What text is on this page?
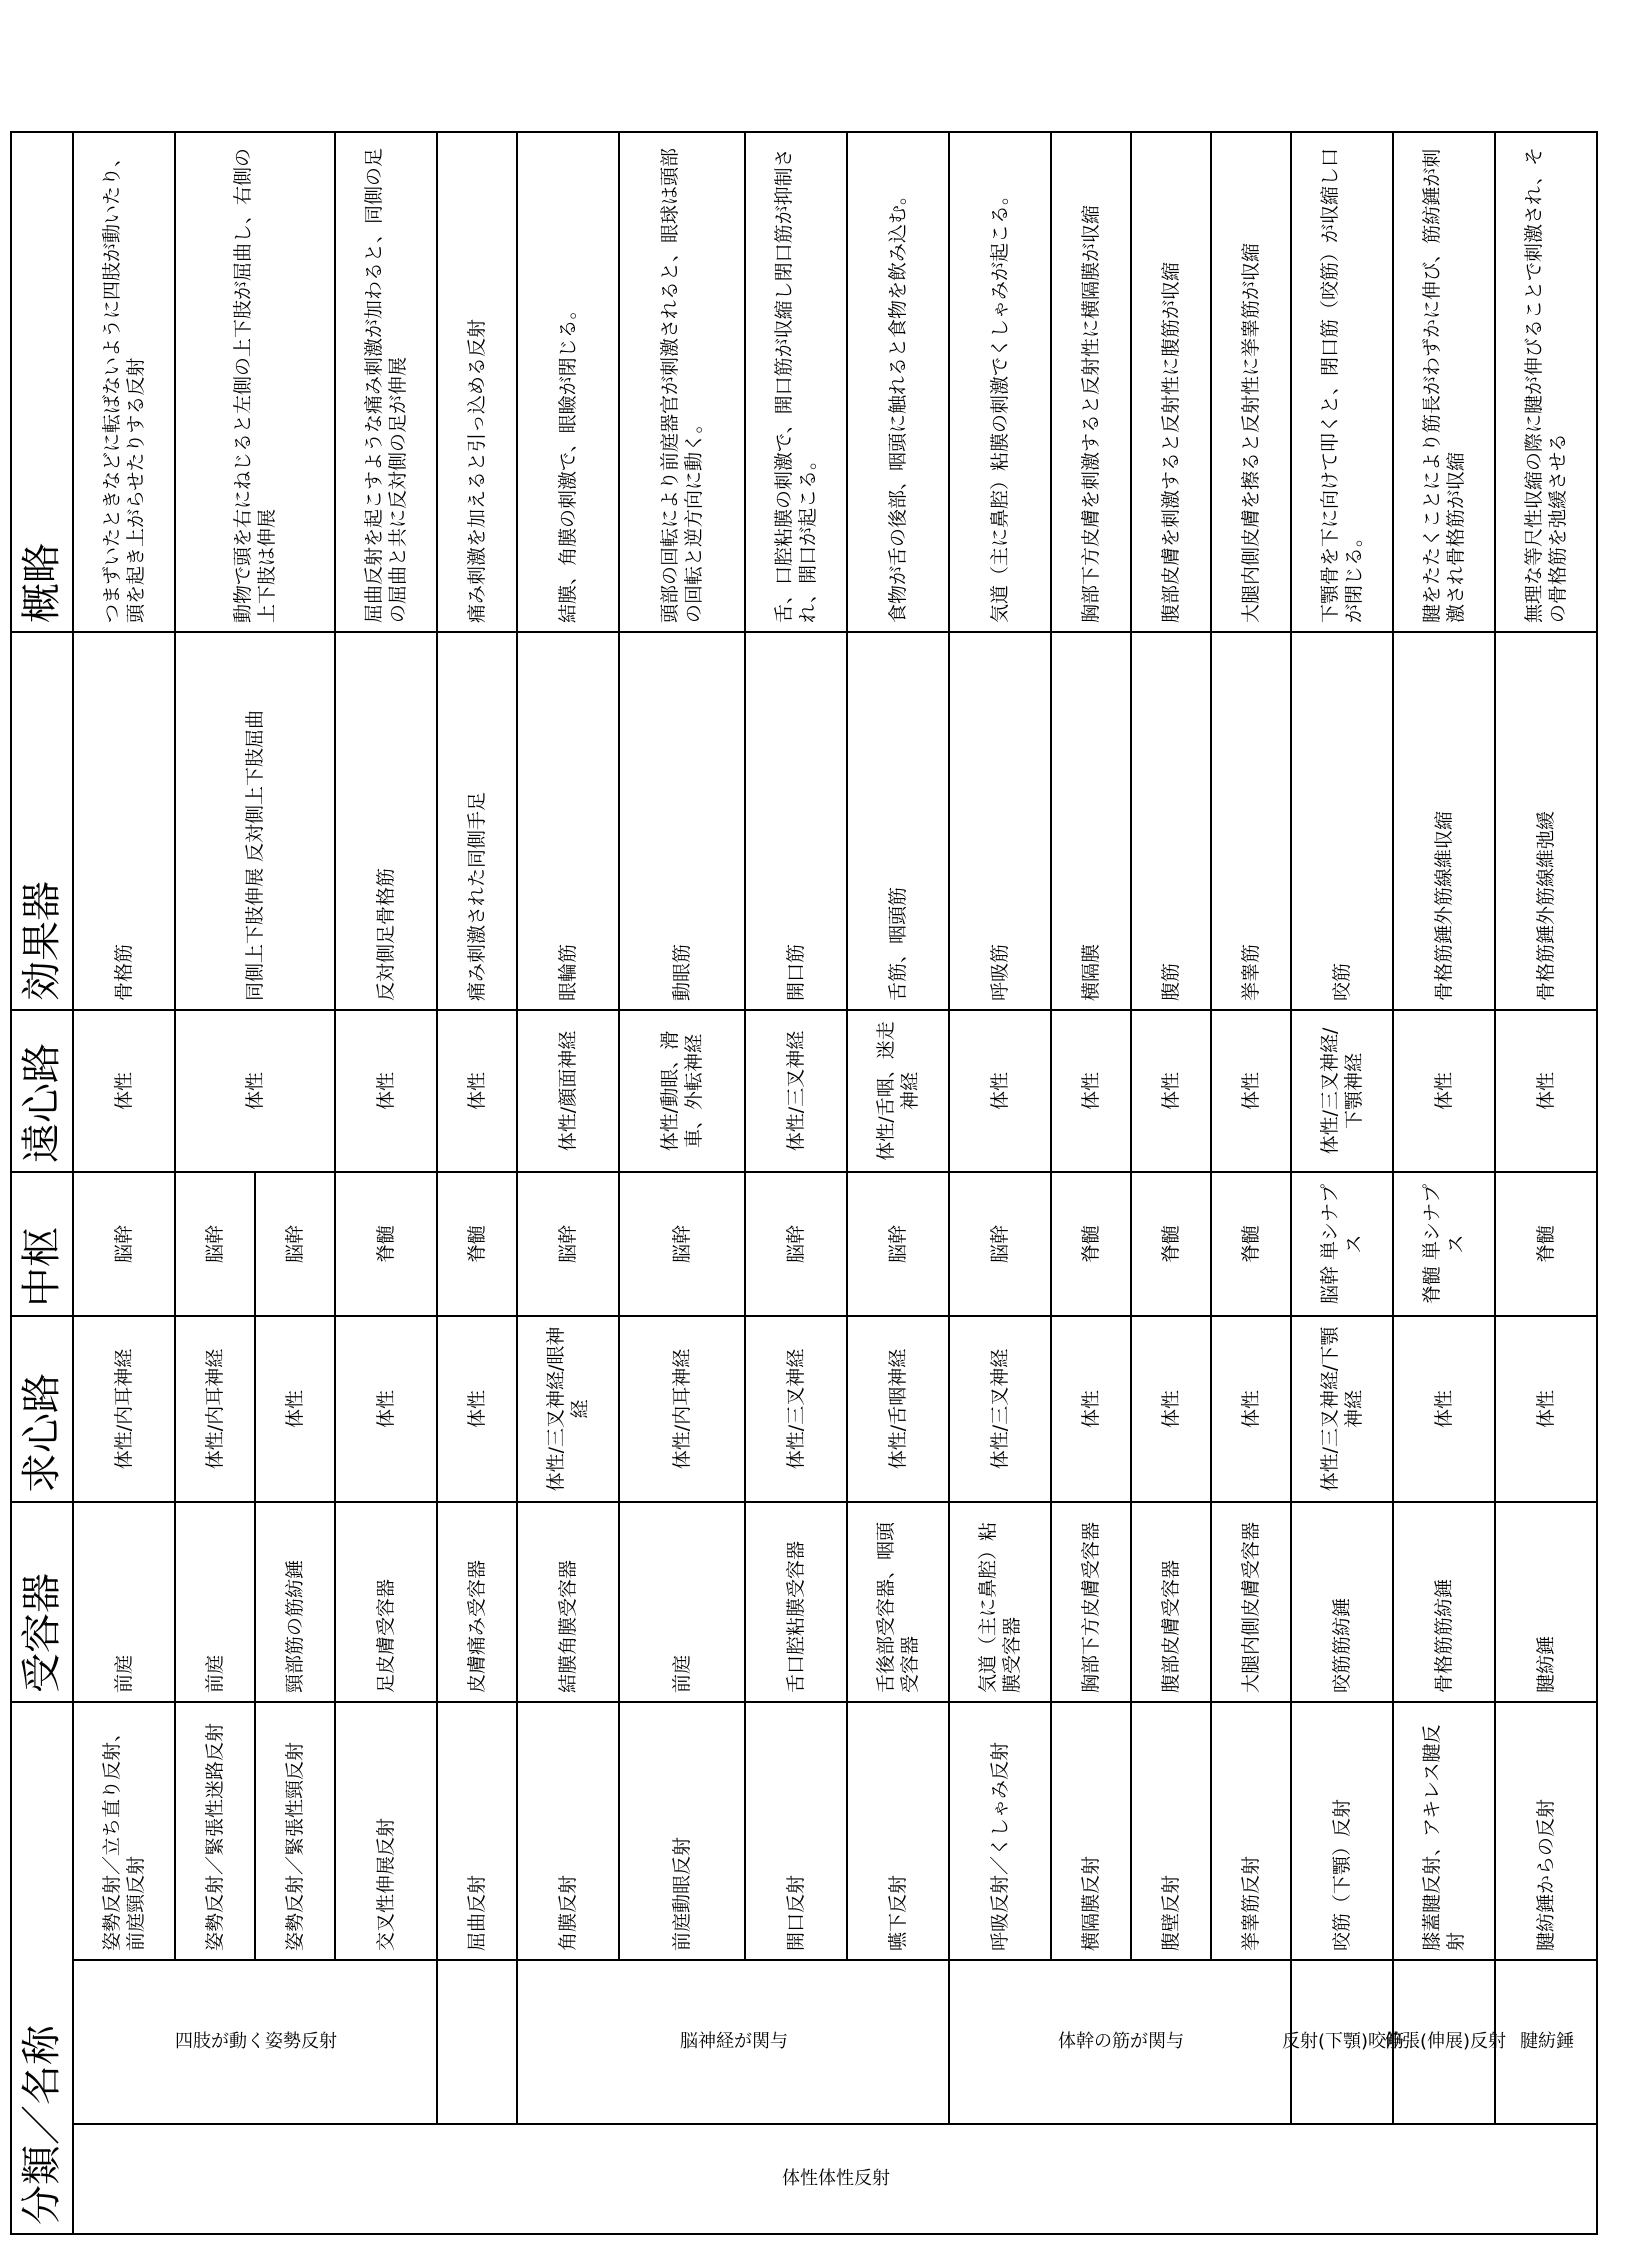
分類／名称			受容器	求心路	中枢	遠心路	効果器	概略
体性体性反射	四肢が動く姿勢反射	姿勢反射／立ち直り反射、前庭頸反射	前庭	体性/内耳神経	脳幹	体性	骨格筋	つまずいたときなどに転ばないように四肢が動いたり、頭を起き上がらせたりする反射
		姿勢反射／緊張性迷路反射	前庭	体性/内耳神経	脳幹	体性	同側上下肢伸展 反対側上下肢屈曲	動物で頭を右にねじると左側の上下肢が屈曲し、右側の上下肢は伸展
		姿勢反射／緊張性頸反射	頸部筋の筋紡錘	体性	脳幹			
		交叉性伸展反射	足皮膚受容器	体性	脊髄	体性	反対側足骨格筋	屈曲反射を起こすような痛み刺激が加わると、同側の足の屈曲と共に反対側の足が伸展
		屈曲反射	皮膚痛み受容器	体性	脊髄	体性	痛み刺激された同側手足	痛み刺激を加えると引っ込める反射
	脳神経が関与	角膜反射	結膜角膜受容器	体性/三叉神経/眼神経	脳幹	体性/顔面神経	眼輪筋	結膜、角膜の刺激で、眼瞼が閉じる。
		前庭動眼反射	前庭	体性/内耳神経	脳幹	体性/動眼、滑車、外転神経	動眼筋	頭部の回転により前庭器官が刺激されると、眼球は頭部の回転と逆方向に動く。
		開口反射	舌口腔粘膜受容器	体性/三叉神経	脳幹	体性/三叉神経	開口筋	舌、口腔粘膜の刺激で、開口筋が収縮し閉口筋が抑制され、開口が起こる。
		嚥下反射	舌後部受容器、咽頭受容器	体性/舌咽神経	脳幹	体性/舌咽、迷走神経	舌筋、咽頭筋	食物が舌の後部、咽頭に触れると食物を飲み込む。
	体幹の筋が関与	呼吸反射／くしゃみ反射	気道（主に鼻腔）粘膜受容器	体性/三叉神経	脳幹	体性	呼吸筋	気道（主に鼻腔）粘膜の刺激でくしゃみが起こる。
		横隔膜反射	胸部下方皮膚受容器	体性	脊髄	体性	横隔膜	胸部下方皮膚を刺激すると反射性に横隔膜が収縮
		腹壁反射	腹部皮膚受容器	体性	脊髄	体性	腹筋	腹部皮膚を刺激すると反射性に腹筋が収縮
		挙睾筋反射	大腿内側皮膚受容器	体性	脊髄	体性	挙睾筋	大腿内側皮膚を擦ると反射性に挙睾筋が収縮
	反射(下顎)咬筋	咬筋（下顎）反射	咬筋筋紡錘	体性/三叉神経/下顎神経	脳幹 単シナプス	体性/三叉神経/下顎神経	咬筋	下顎骨を下に向けて叩くと、閉口筋（咬筋）が収縮し口が閉じる。
	伸張(伸展)反射	膝蓋腱反射、アキレス腱反射	骨格筋筋紡錘	体性	脊髄 単シナプス	体性	骨格筋錘外筋線維収縮	腱をたたくことにより筋長がわずかに伸び、筋紡錘が刺激され骨格筋が収縮
	腱紡錘	腱紡錘からの反射	腱紡錘	体性	脊髄	体性	骨格筋錘外筋線維弛緩	無理な等尺性収縮の際に腱が伸びることで刺激され、その骨格筋を弛緩させる
